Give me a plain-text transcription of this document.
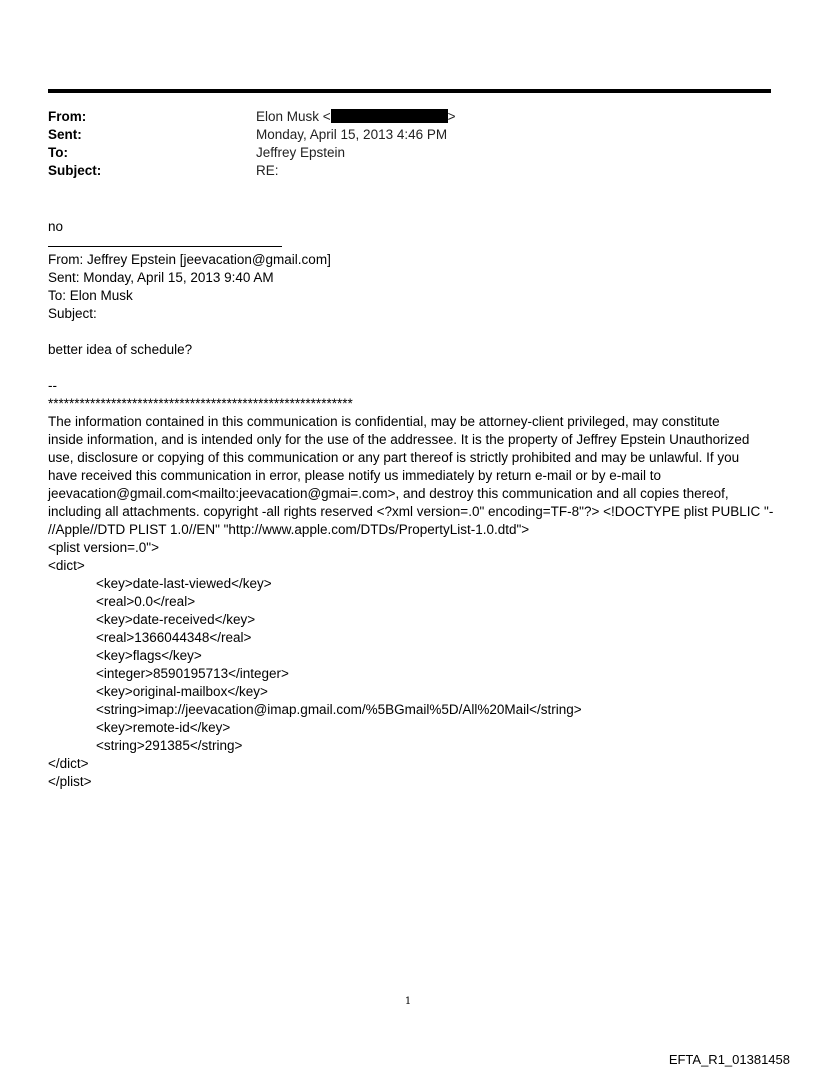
From:	Elon Musk <	>
Sent:	Monday, April 15, 2013 4:46 PM
To:	Jeffrey Epstein
Subject:	RE:

no

From: Jeffrey Epstein [jeevacation@gmail.com]

Sent: Monday, April 15, 2013 9:40 AM

To: Elon Musk

Subject:

better idea of schedule?

--

**********************************************************

The information contained in this communication is confidential, may be attorney-client privileged, may constitute

inside information, and is intended only for the use of the addressee. It is the property of Jeffrey Epstein Unauthorized

use, disclosure or copying of this communication or any part thereof is strictly prohibited and may be unlawful. If you

have received this communication in error, please notify us immediately by return e-mail or by e-mail to

jeevacation@gmail.com<mailto:jeevacation@gmai=.com>, and destroy this communication and all copies thereof,

including all attachments. copyright -all rights reserved <?xml version=.0" encoding=TF-8"?> <!DOCTYPE plist PUBLIC "-

//Apple//DTD PLIST 1.0//EN" "http://www.apple.com/DTDs/PropertyList-1.0.dtd">

<plist version=.0">

<dict>

<key>date-last-viewed</key>

<real>0.0</real>

<key>date-received</key>

<real>1366044348</real>

<key>flags</key>

<integer>8590195713</integer>

<key>original-mailbox</key>

<string>imap://jeevacation@imap.gmail.com/%5BGmail%5D/All%20Mail</string>

<key>remote-id</key>

<string>291385</string>

</dict>

</plist>

1
EFTA_R1_01381458
